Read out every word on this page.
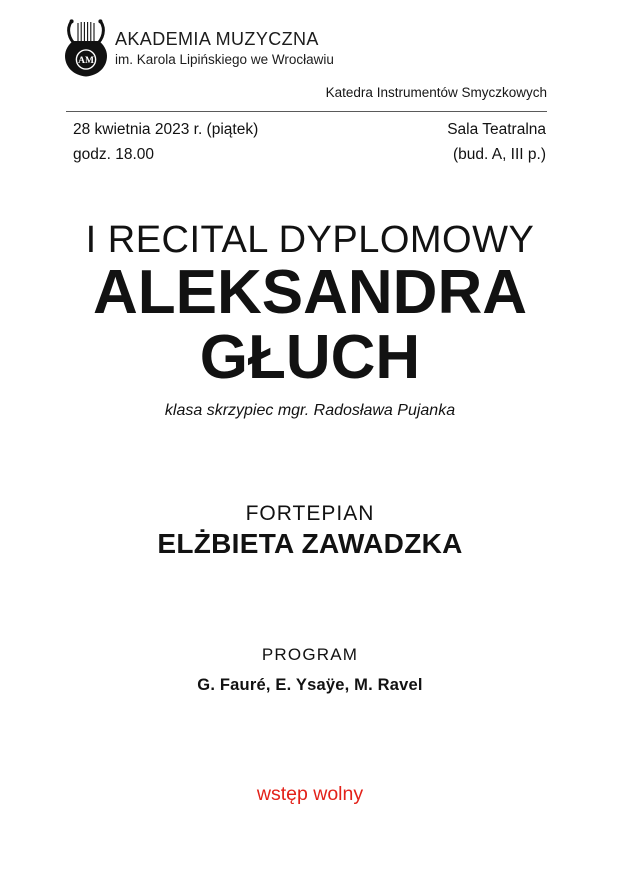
AM
AKADEMIA MUZYCZNA
im. Karola Lipińskiego we Wrocławiu
Katedra Instrumentów Smyczkowych
28 kwietnia 2023 r. (piątek)	Sala Teatralna
godz. 18.00	(bud. A, III p.)
I RECITAL DYPLOMOWY
ALEKSANDRA
GŁUCH
klasa skrzypiec mgr. Radosława Pujanka
FORTEPIAN
ELŻBIETA ZAWADZKA
PROGRAM
G. Fauré, E. Ysaÿe, M. Ravel
wstęp wolny
